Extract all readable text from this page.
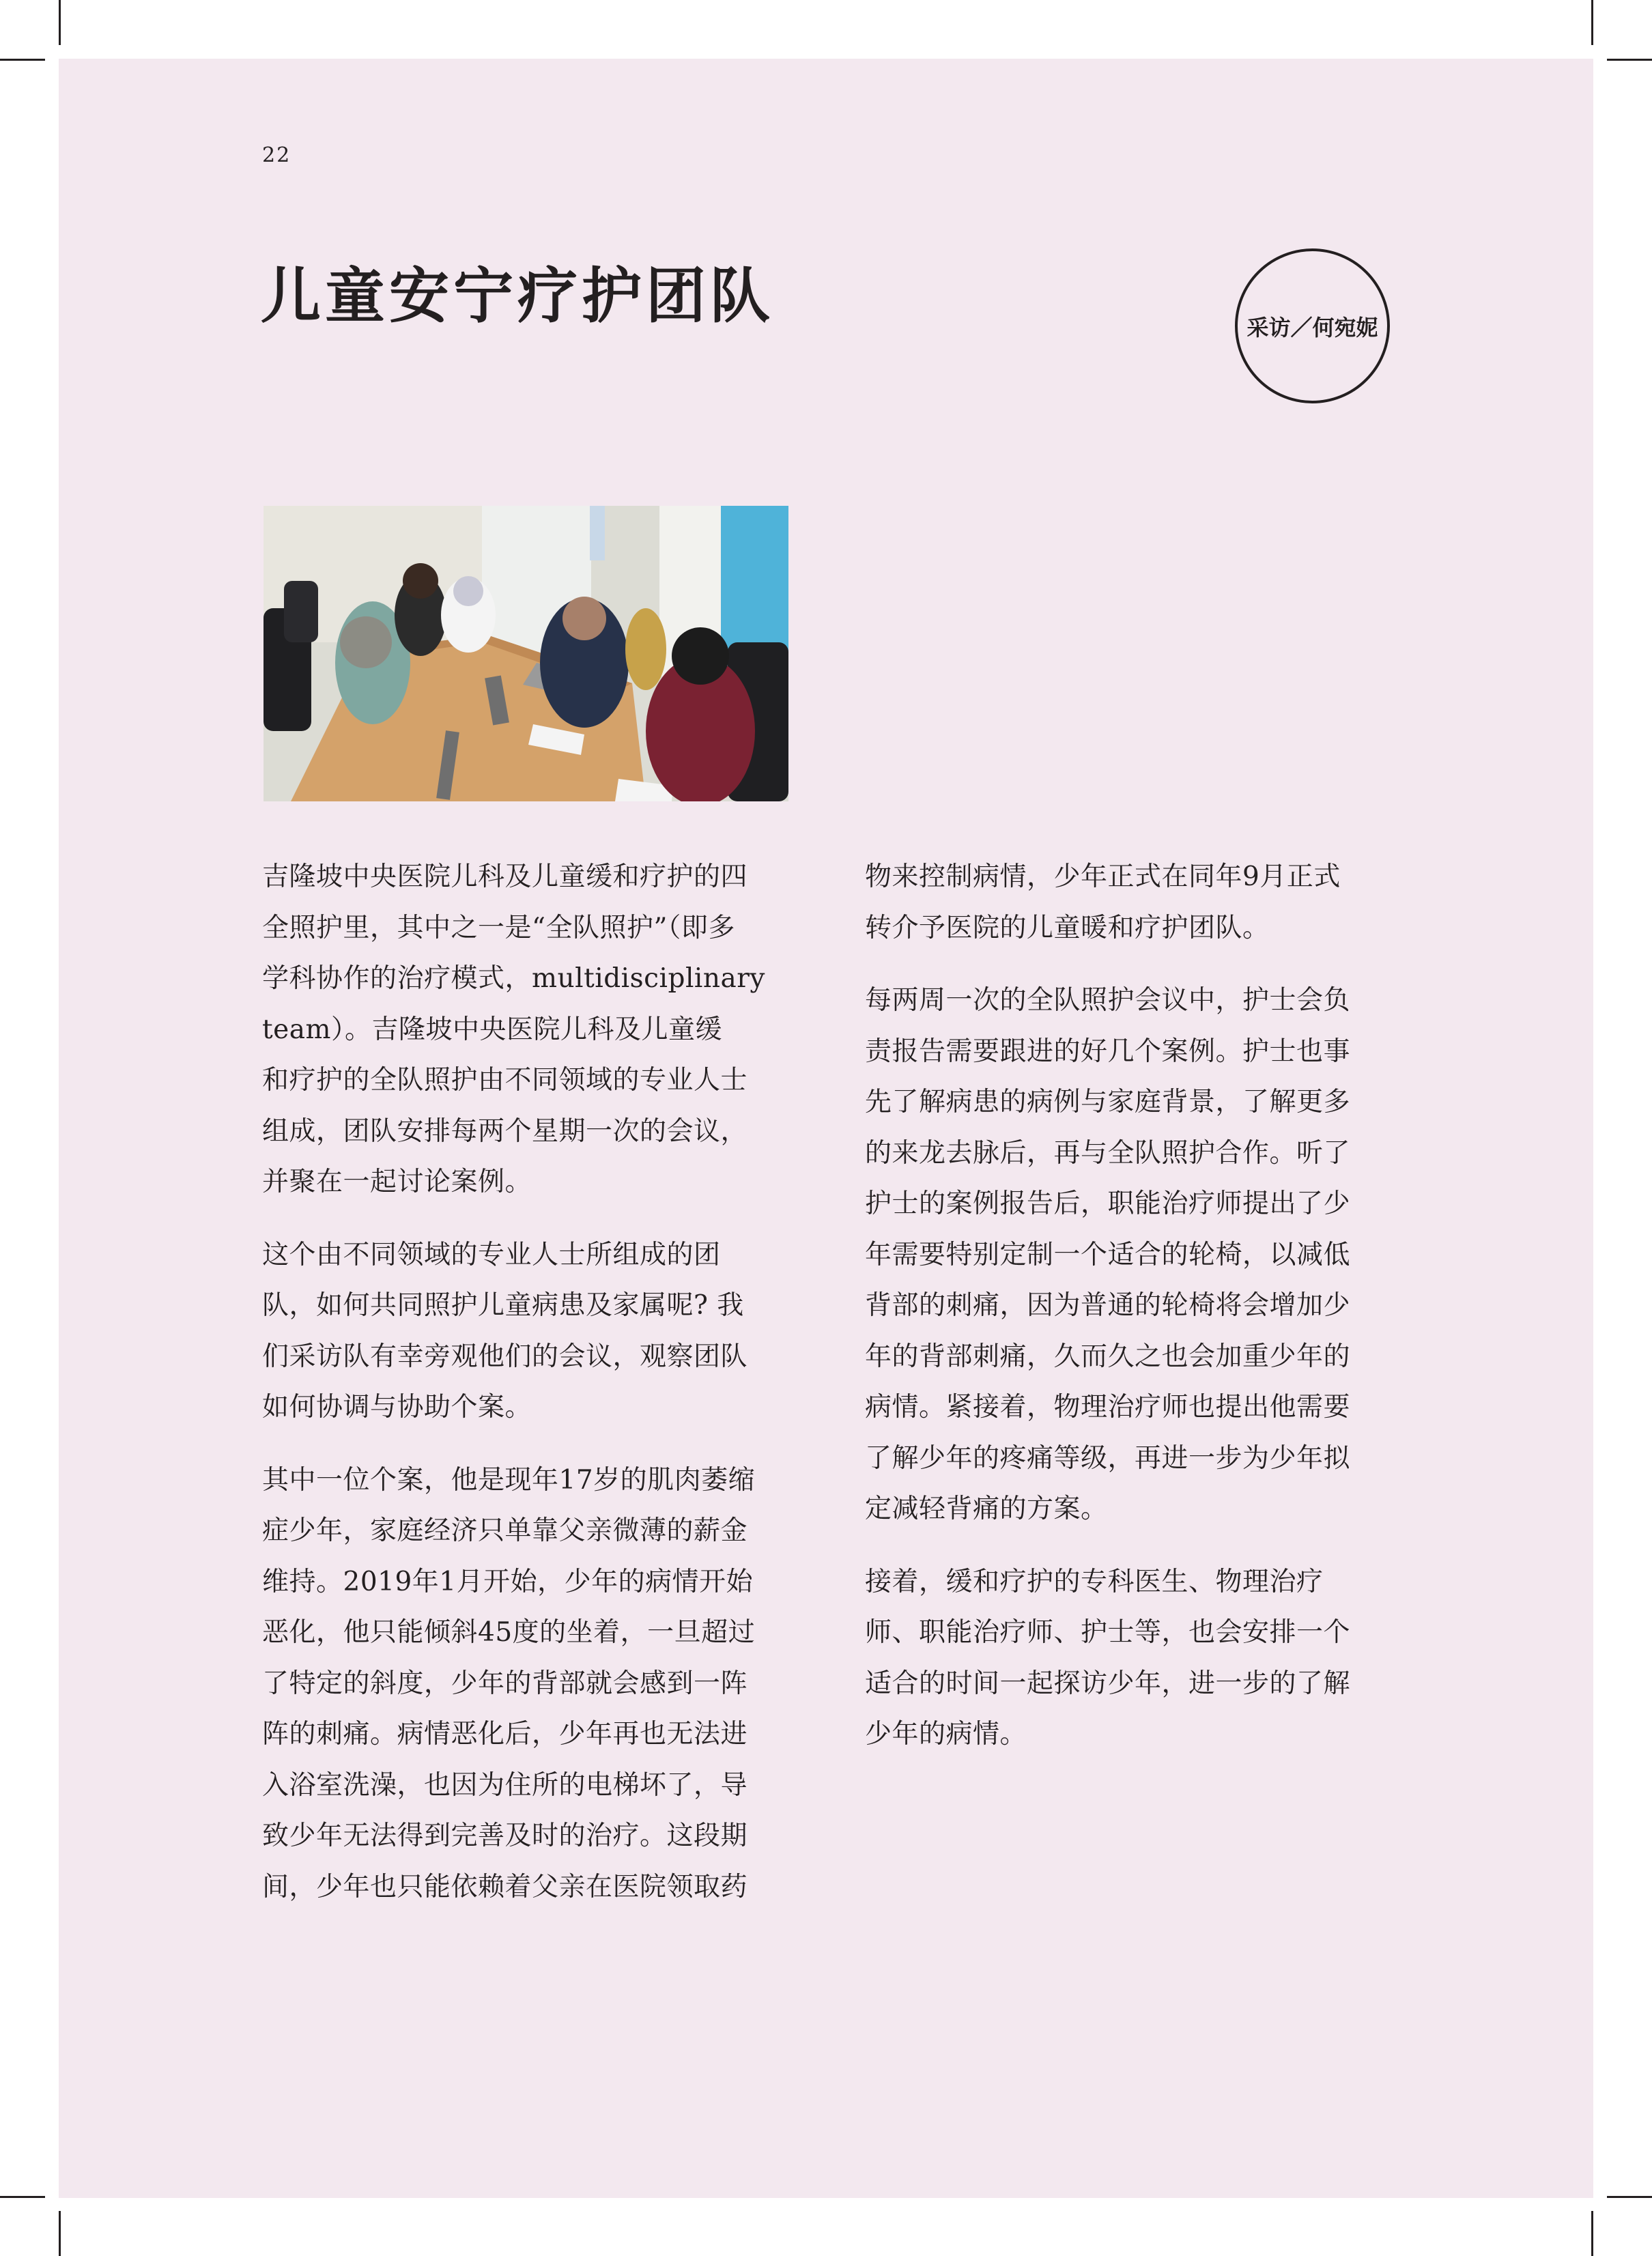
22
儿童安宁疗护团队	采访／何宛妮

吉隆坡中央医院儿科及儿童缓和疗护的四
全照护里，其中之一是“全队照护”（即多
学科协作的治疗模式，multidisciplinary
team）。吉隆坡中央医院儿科及儿童缓
和疗护的全队照护由不同领域的专业人士
组成，团队安排每两个星期一次的会议，
并聚在一起讨论案例。

这个由不同领域的专业人士所组成的团
队，如何共同照护儿童病患及家属呢? 我
们采访队有幸旁观他们的会议，观察团队
如何协调与协助个案。

其中一位个案，他是现年17岁的肌肉萎缩
症少年，家庭经济只单靠父亲微薄的薪金
维持。2019年1月开始，少年的病情开始
恶化，他只能倾斜45度的坐着，一旦超过
了特定的斜度，少年的背部就会感到一阵
阵的刺痛。病情恶化后，少年再也无法进
入浴室洗澡，也因为住所的电梯坏了，导
致少年无法得到完善及时的治疗。这段期
间，少年也只能依赖着父亲在医院领取药

物来控制病情，少年正式在同年9月正式
转介予医院的儿童暖和疗护团队。

每两周一次的全队照护会议中，护士会负
责报告需要跟进的好几个案例。护士也事
先了解病患的病例与家庭背景，了解更多
的来龙去脉后，再与全队照护合作。听了
护士的案例报告后，职能治疗师提出了少
年需要特别定制一个适合的轮椅，以减低
背部的刺痛，因为普通的轮椅将会增加少
年的背部刺痛，久而久之也会加重少年的
病情。紧接着，物理治疗师也提出他需要
了解少年的疼痛等级，再进一步为少年拟
定减轻背痛的方案。

接着，缓和疗护的专科医生、物理治疗
师、职能治疗师、护士等，也会安排一个
适合的时间一起探访少年，进一步的了解
少年的病情。
